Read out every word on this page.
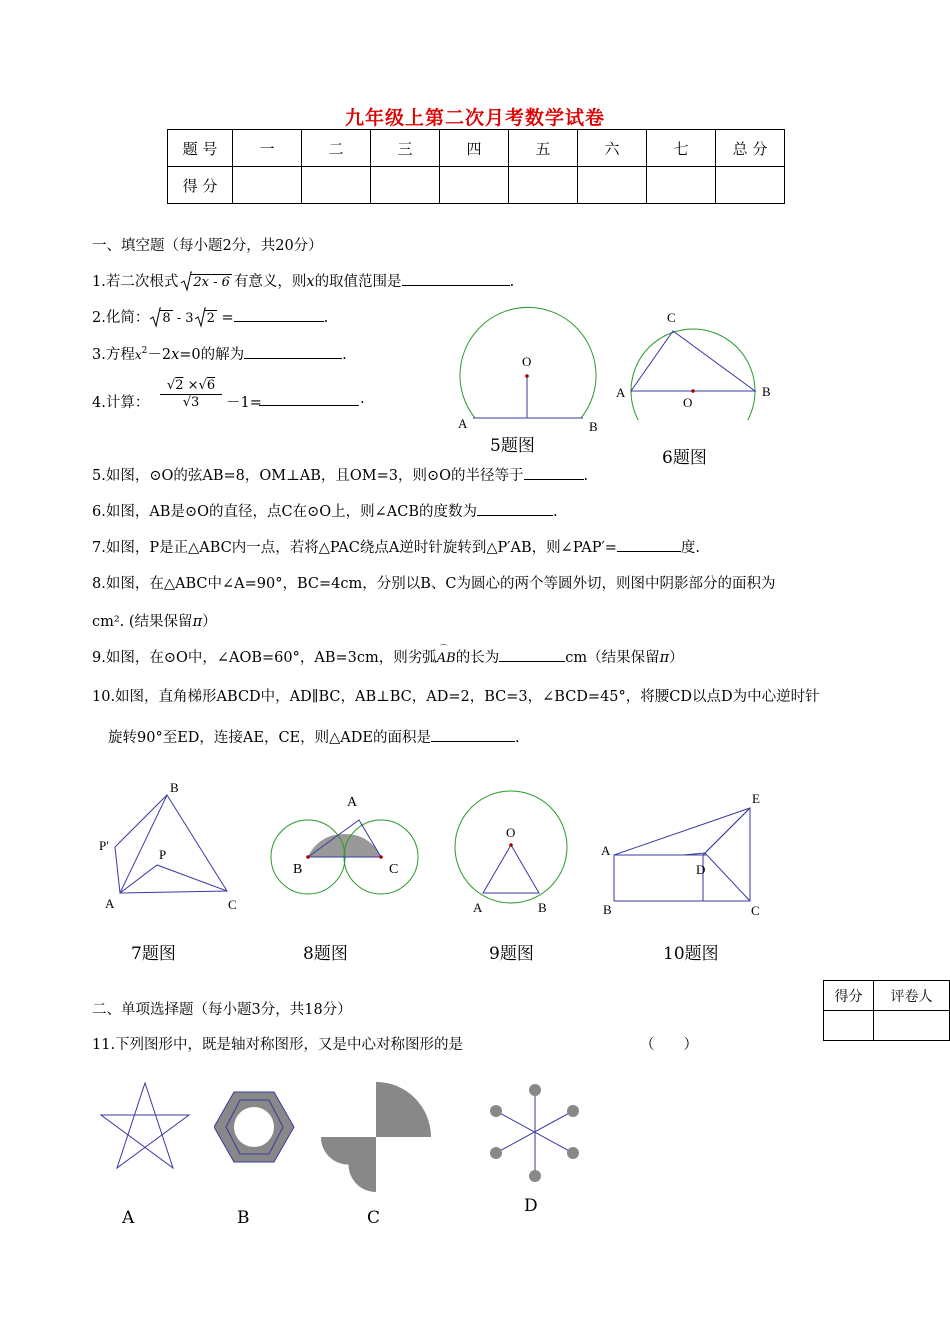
九年级上第二次月考数学试卷
题 号	一	二	三	四	五	六	七	总 分
得 分								
一、填空题（每小题2分，共20分）
1.若二次根式 2x - 6 有意义，则x的取值范围是	.
2.化简： 8 - 3 2 =	.
3.方程$x^2-2x=0$的解为	.
4.计算：
√2 ×√6
√3	－1=	.
5.如图，⊙O的弦AB=8，OM⊥AB，且OM=3，则⊙O的半径等于	.
6.如图，AB是⊙O的直径，点C在⊙O上，则∠ACB的度数为	.
7.如图，P是正△ABC内一点，若将△PAC绕点A逆时针旋转到△P′AB，则∠PAP′=	度.
8.如图，在△ABC中∠A=90°，BC=4cm，分别以B、C为圆心的两个等圆外切，则图中阴影部分的面积为
cm². (结果保留π）
9.如图，在⊙O中，∠AOB=60°，AB=3cm，则劣弧
⌒
AB的长为	cm（结果保留π）
10.如图，直角梯形ABCD中，AD∥BC，AB⊥BC，AD=2，BC=3，∠BCD=45°，将腰CD以点D为中心逆时针
旋转90°至ED，连接AE，CE，则△ADE的面积是	.
O
A	B
5题图
C
A
O
B
6题图
B
P′
P
A	C
7题图
A
B	C
8题图
O
A	B
9题图
E
A
D
B	C
10题图
得分	评卷人

二、单项选择题（每小题3分，共18分）
11.下列图形中，既是轴对称图形，又是中心对称图形的是	（　　）
A	B	C
D
